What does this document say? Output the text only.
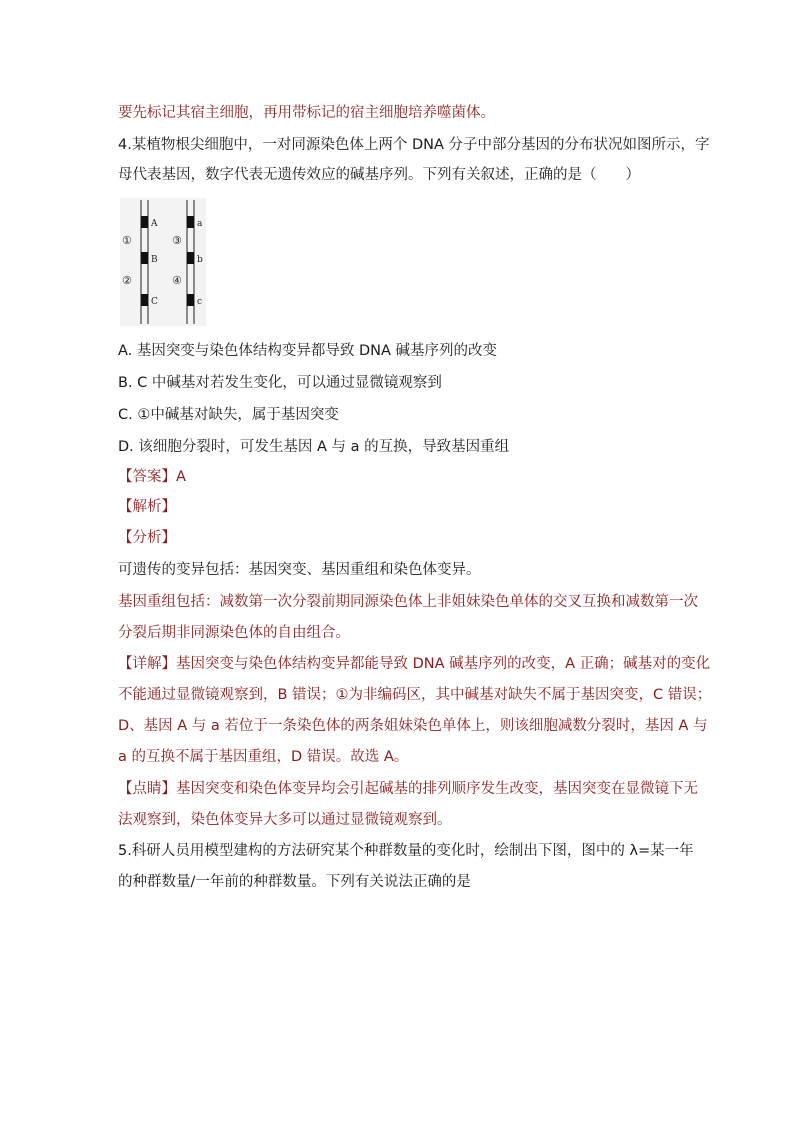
要先标记其宿主细胞，再用带标记的宿主细胞培养噬菌体。
4.某植物根尖细胞中，一对同源染色体上两个 DNA 分子中部分基因的分布状况如图所示，字
母代表基因，数字代表无遗传效应的碱基序列。下列有关叙述，正确的是（　　）
①
②
③
④
A
B
C
a
b
c
A. 基因突变与染色体结构变异都导致 DNA 碱基序列的改变
B. C 中碱基对若发生变化，可以通过显微镜观察到
C. ①中碱基对缺失，属于基因突变
D. 该细胞分裂时，可发生基因 A 与 a 的互换，导致基因重组
【答案】A
【解析】
【分析】
可遗传的变异包括：基因突变、基因重组和染色体变异。
基因重组包括：减数第一次分裂前期同源染色体上非姐妹染色单体的交叉互换和减数第一次
分裂后期非同源染色体的自由组合。
【详解】基因突变与染色体结构变异都能导致 DNA 碱基序列的改变，A 正确；碱基对的变化
不能通过显微镜观察到，B 错误；①为非编码区，其中碱基对缺失不属于基因突变，C 错误；
D、基因 A 与 a 若位于一条染色体的两条姐妹染色单体上，则该细胞减数分裂时，基因 A 与
a 的互换不属于基因重组，D 错误。故选 A。
【点睛】基因突变和染色体变异均会引起碱基的排列顺序发生改变，基因突变在显微镜下无
法观察到，染色体变异大多可以通过显微镜观察到。
5.科研人员用模型建构的方法研究某个种群数量的变化时，绘制出下图，图中的 λ=某一年
的种群数量/一年前的种群数量。下列有关说法正确的是
